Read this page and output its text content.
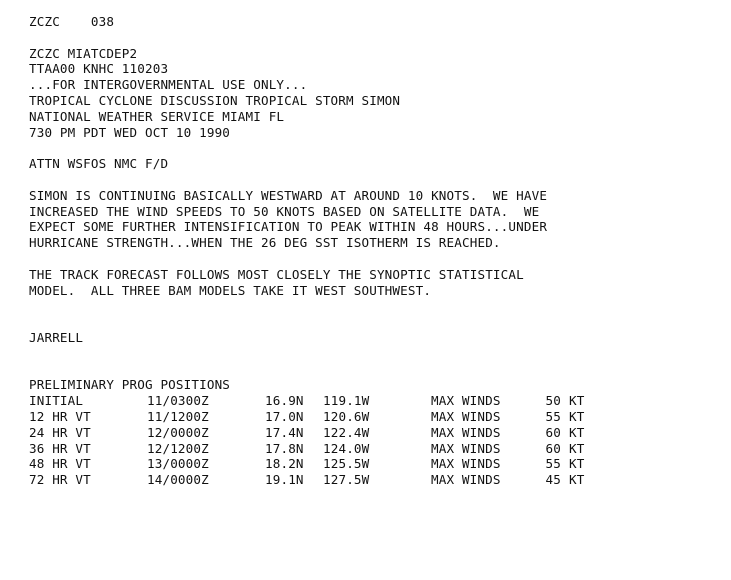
ZCZC    038
ZCZC MIATCDEP2
TTAA00 KNHC 110203
...FOR INTERGOVERNMENTAL USE ONLY...
TROPICAL CYCLONE DISCUSSION TROPICAL STORM SIMON
NATIONAL WEATHER SERVICE MIAMI FL
730 PM PDT WED OCT 10 1990
ATTN WSFOS NMC F/D
SIMON IS CONTINUING BASICALLY WESTWARD AT AROUND 10 KNOTS.  WE HAVE
INCREASED THE WIND SPEEDS TO 50 KNOTS BASED ON SATELLITE DATA.  WE
EXPECT SOME FURTHER INTENSIFICATION TO PEAK WITHIN 48 HOURS...UNDER
HURRICANE STRENGTH...WHEN THE 26 DEG SST ISOTHERM IS REACHED.
THE TRACK FORECAST FOLLOWS MOST CLOSELY THE SYNOPTIC STATISTICAL
MODEL.  ALL THREE BAM MODELS TAKE IT WEST SOUTHWEST.
JARRELL
PRELIMINARY PROG POSITIONS
INITIAL	11/0300Z	16.9N	119.1W	MAX WINDS	50	KT
12 HR VT	11/1200Z	17.0N	120.6W	MAX WINDS	55	KT
24 HR VT	12/0000Z	17.4N	122.4W	MAX WINDS	60	KT
36 HR VT	12/1200Z	17.8N	124.0W	MAX WINDS	60	KT
48 HR VT	13/0000Z	18.2N	125.5W	MAX WINDS	55	KT
72 HR VT	14/0000Z	19.1N	127.5W	MAX WINDS	45	KT
